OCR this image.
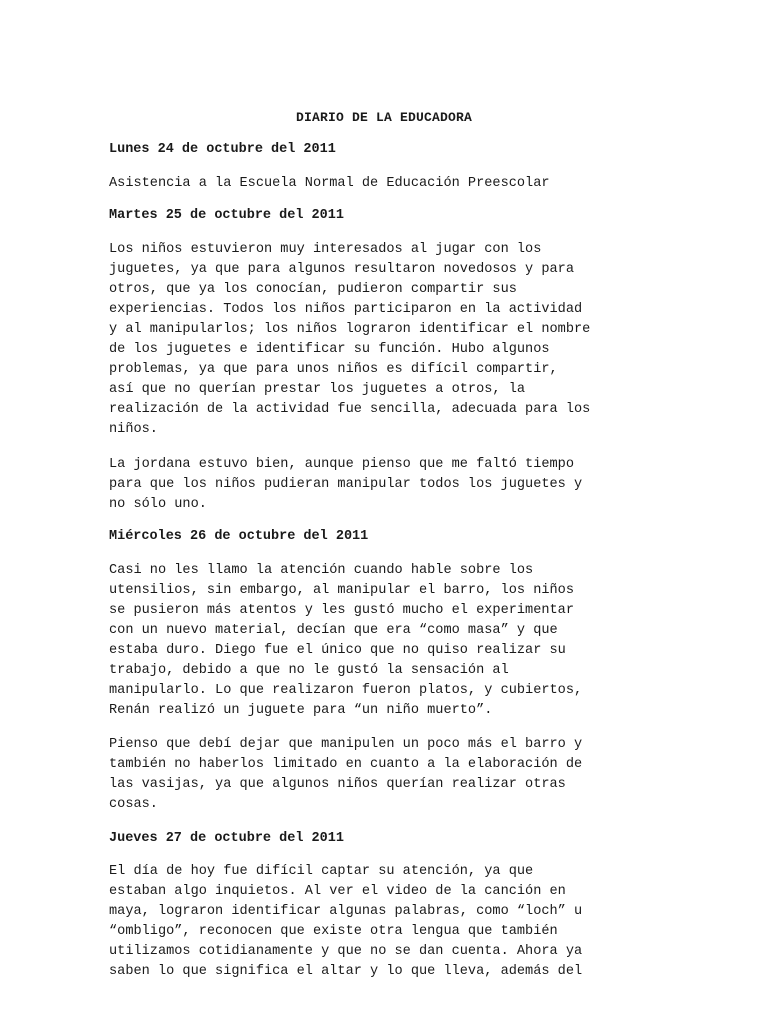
DIARIO DE LA EDUCADORA
Lunes 24 de octubre del 2011

Asistencia a la Escuela Normal de Educación Preescolar

Martes 25 de octubre del 2011

Los niños estuvieron muy interesados al jugar con los
juguetes, ya que para algunos resultaron novedosos y para
otros, que ya los conocían, pudieron compartir sus
experiencias. Todos los niños participaron en la actividad
y al manipularlos; los niños lograron identificar el nombre
de los juguetes e identificar su función. Hubo algunos
problemas, ya que para unos niños es difícil compartir,
así que no querían prestar los juguetes a otros, la
realización de la actividad fue sencilla, adecuada para los
niños.

La jordana estuvo bien, aunque pienso que me faltó tiempo
para que los niños pudieran manipular todos los juguetes y
no sólo uno.

Miércoles 26 de octubre del 2011

Casi no les llamo la atención cuando hable sobre los
utensilios, sin embargo, al manipular el barro, los niños
se pusieron más atentos y les gustó mucho el experimentar
con un nuevo material, decían que era “como masa” y que
estaba duro. Diego fue el único que no quiso realizar su
trabajo, debido a que no le gustó la sensación al
manipularlo. Lo que realizaron fueron platos, y cubiertos,
Renán realizó un juguete para “un niño muerto”.

Pienso que debí dejar que manipulen un poco más el barro y
también no haberlos limitado en cuanto a la elaboración de
las vasijas, ya que algunos niños querían realizar otras
cosas.

Jueves 27 de octubre del 2011

El día de hoy fue difícil captar su atención, ya que
estaban algo inquietos. Al ver el video de la canción en
maya, lograron identificar algunas palabras, como “loch” u
“ombligo”, reconocen que existe otra lengua que también
utilizamos cotidianamente y que no se dan cuenta. Ahora ya
saben lo que significa el altar y lo que lleva, además del
